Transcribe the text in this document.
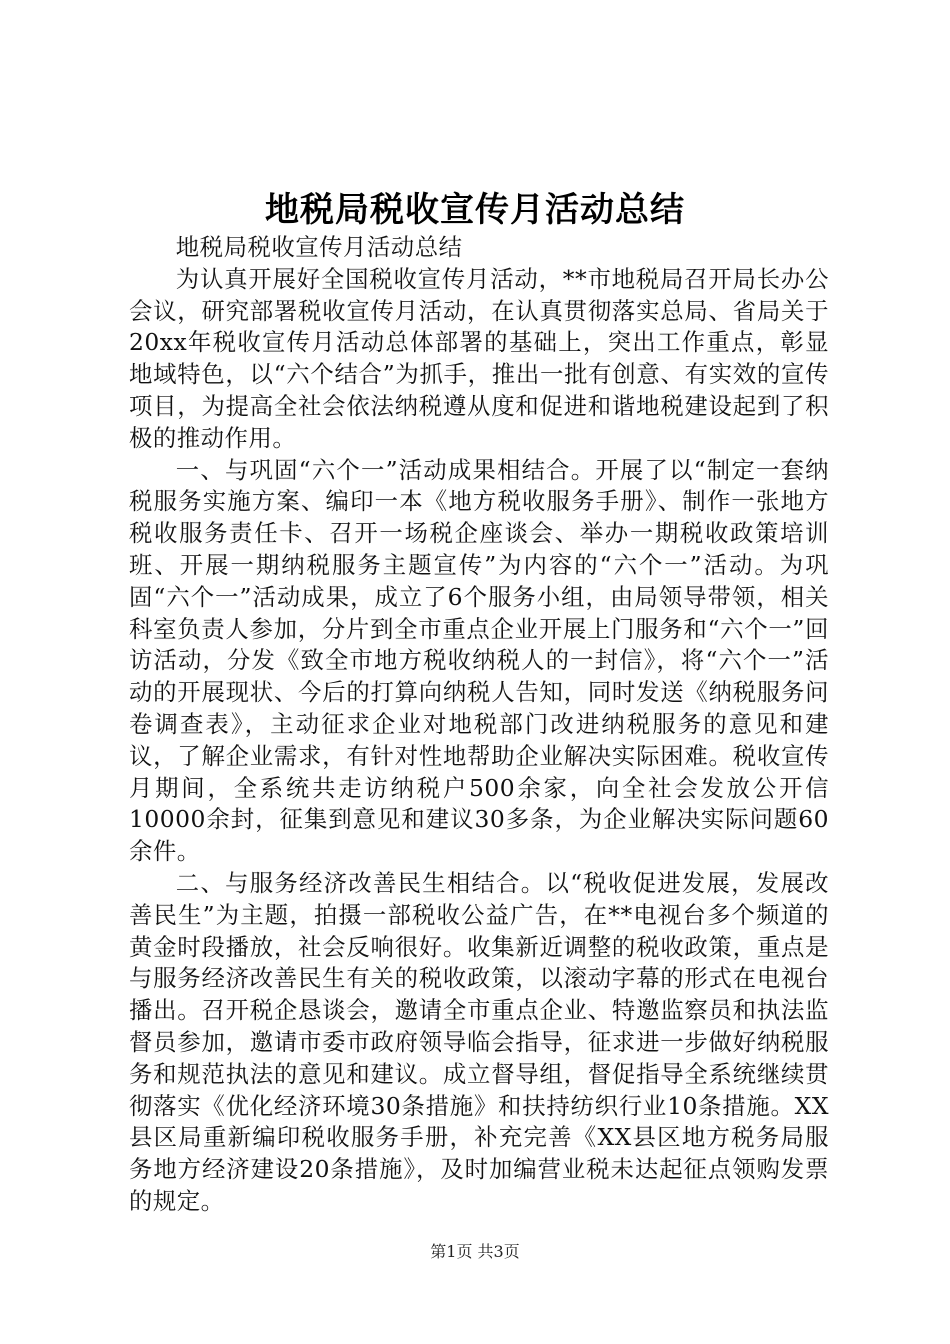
地税局税收宣传月活动总结

地税局税收宣传月活动总结

为认真开展好全国税收宣传月活动，**市地税局召开局长办公会议，研究部署税收宣传月活动，在认真贯彻落实总局、省局关于20xx年税收宣传月活动总体部署的基础上，突出工作重点，彰显地域特色，以“六个结合”为抓手，推出一批有创意、有实效的宣传项目，为提高全社会依法纳税遵从度和促进和谐地税建设起到了积极的推动作用。

一、与巩固“六个一”活动成果相结合。开展了以“制定一套纳税服务实施方案、编印一本《地方税收服务手册》、制作一张地方税收服务责任卡、召开一场税企座谈会、举办一期税收政策培训班、开展一期纳税服务主题宣传”为内容的“六个一”活动。为巩固“六个一”活动成果，成立了6个服务小组，由局领导带领，相关科室负责人参加，分片到全市重点企业开展上门服务和“六个一”回访活动，分发《致全市地方税收纳税人的一封信》，将“六个一”活动的开展现状、今后的打算向纳税人告知，同时发送《纳税服务问卷调查表》，主动征求企业对地税部门改进纳税服务的意见和建议，了解企业需求，有针对性地帮助企业解决实际困难。税收宣传月期间，全系统共走访纳税户500余家，向全社会发放公开信10000余封，征集到意见和建议30多条，为企业解决实际问题60余件。

二、与服务经济改善民生相结合。以“税收促进发展，发展改善民生”为主题，拍摄一部税收公益广告，在**电视台多个频道的黄金时段播放，社会反响很好。收集新近调整的税收政策，重点是与服务经济改善民生有关的税收政策，以滚动字幕的形式在电视台播出。召开税企恳谈会，邀请全市重点企业、特邀监察员和执法监督员参加，邀请市委市政府领导临会指导，征求进一步做好纳税服务和规范执法的意见和建议。成立督导组，督促指导全系统继续贯彻落实《优化经济环境30条措施》和扶持纺织行业10条措施。XX县区局重新编印税收服务手册，补充完善《XX县区地方税务局服务地方经济建设20条措施》，及时加编营业税未达起征点领购发票的规定。

第1页 共3页
